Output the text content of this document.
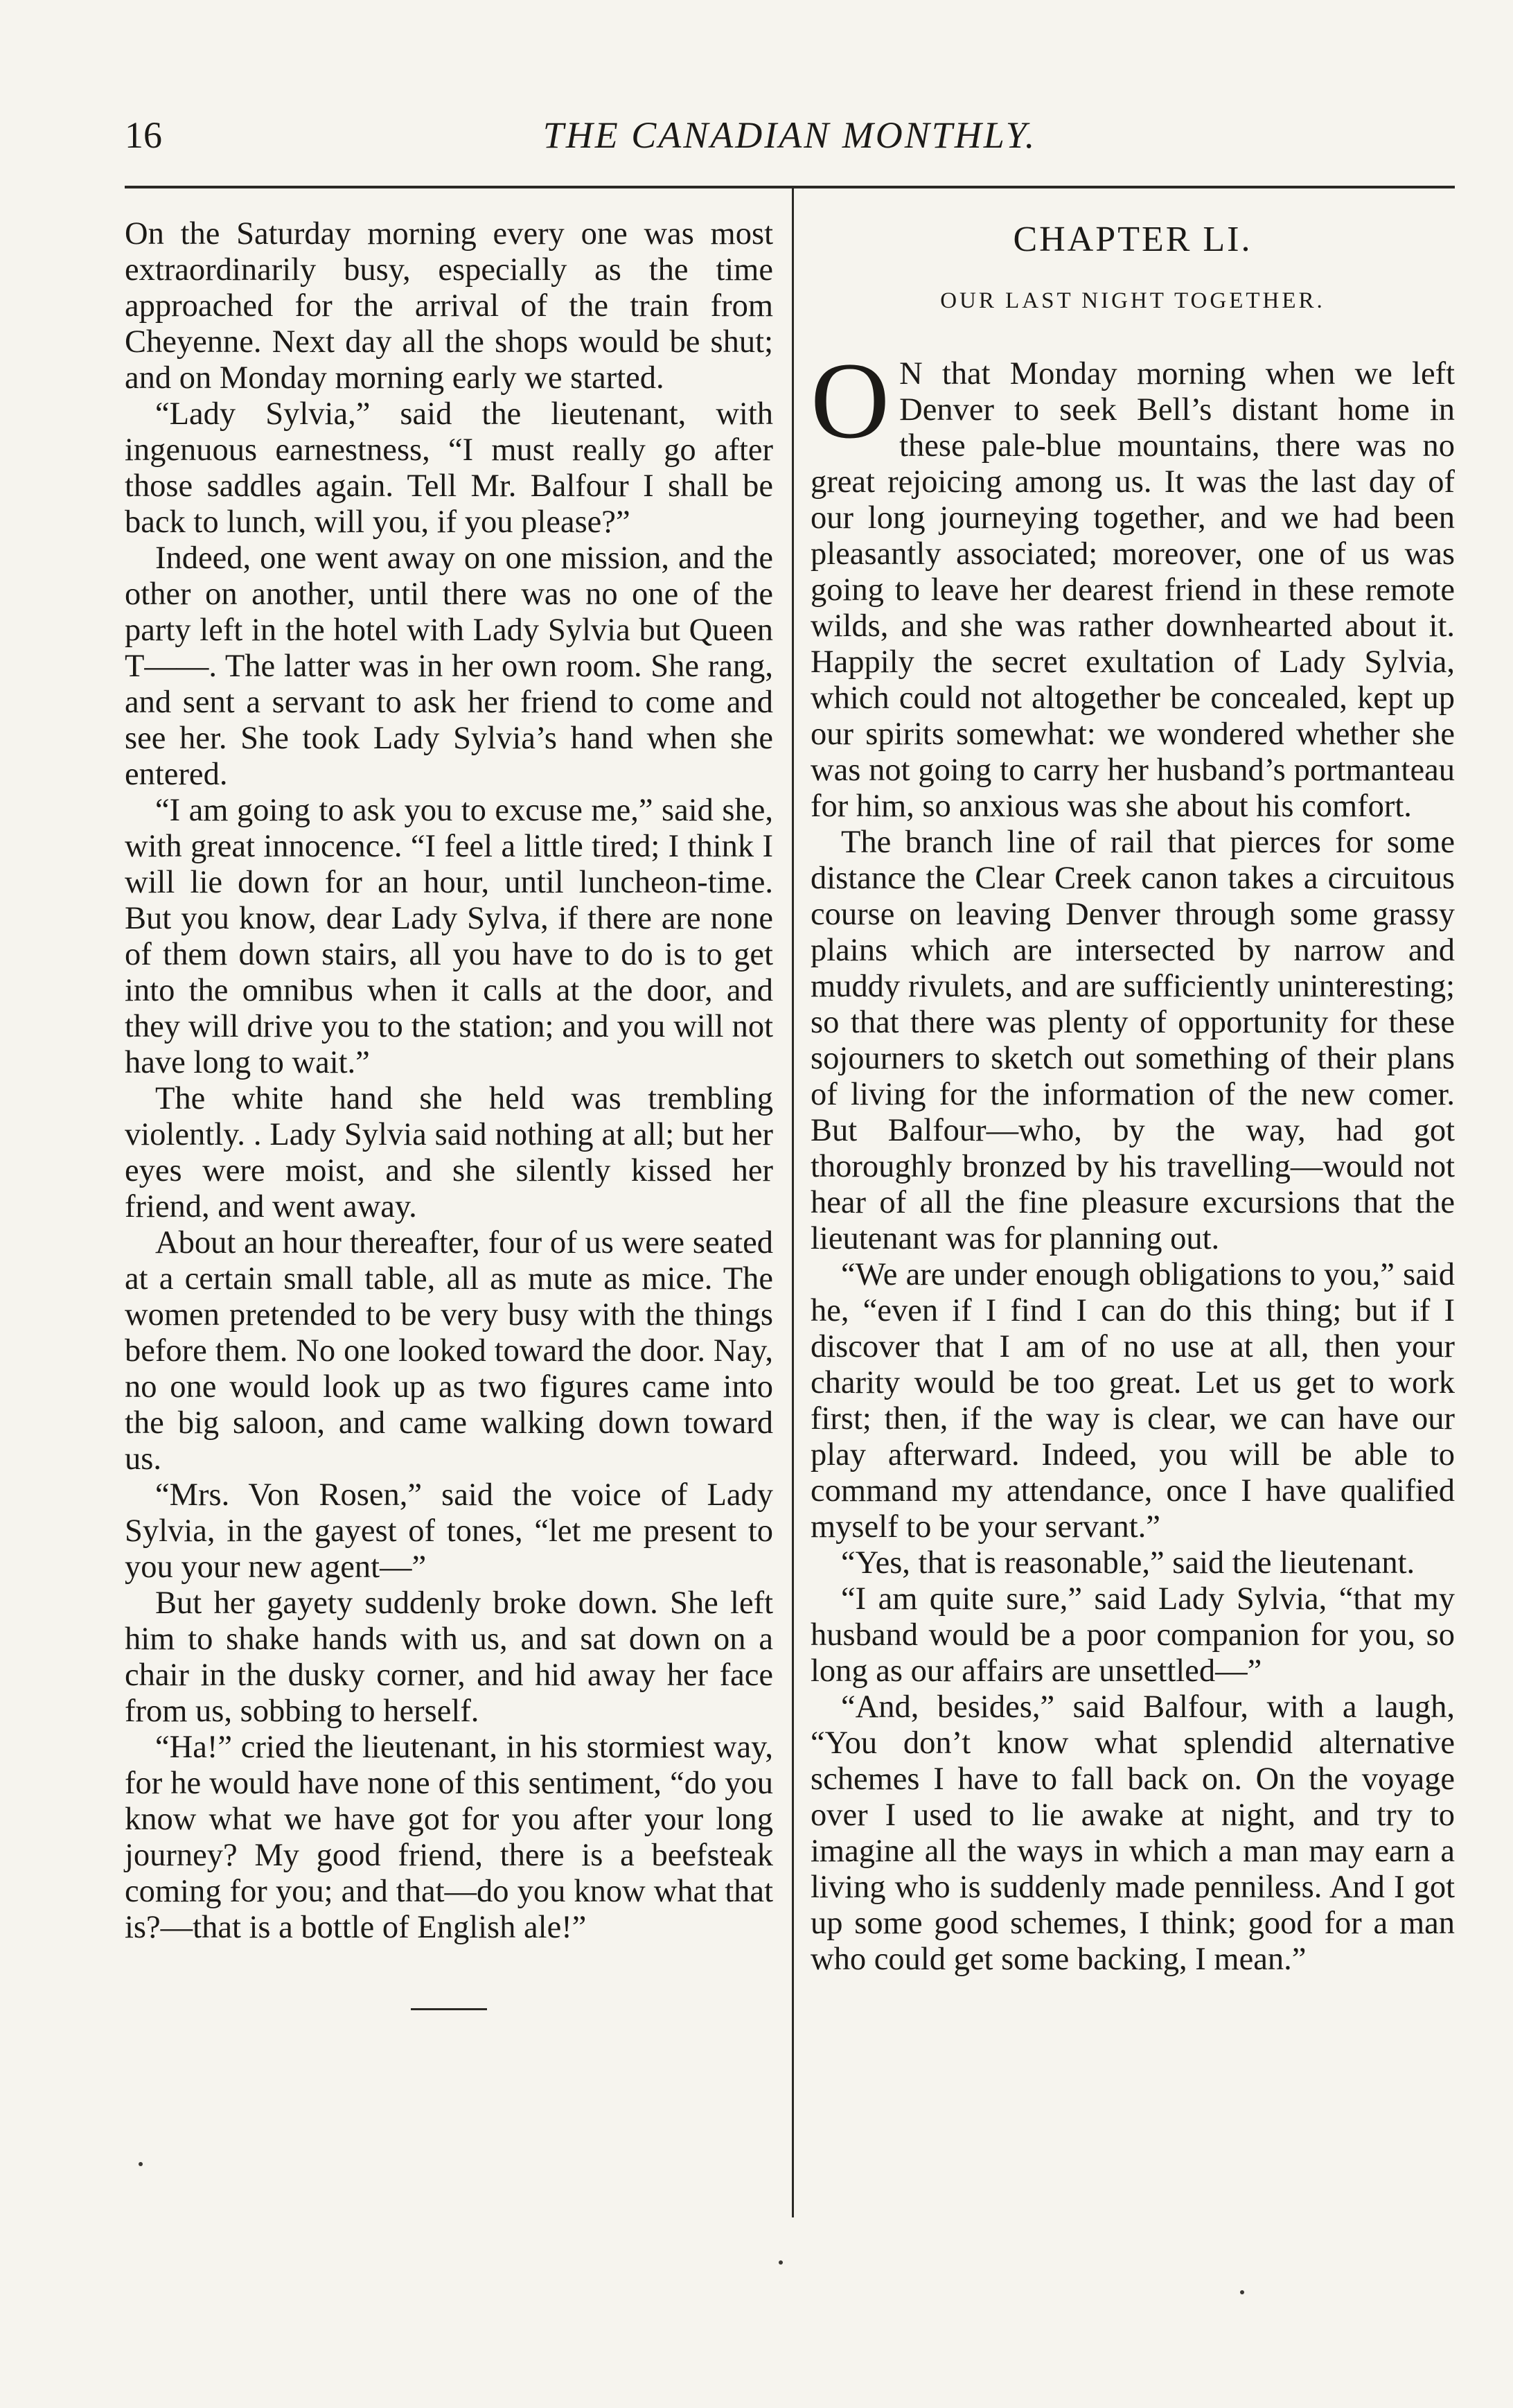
16	THE CANADIAN MONTHLY.

On the Saturday morning every one was most extraordinarily busy, especially as the time approached for the arrival of the train from Cheyenne. Next day all the shops would be shut; and on Monday morning early we started.

“Lady Sylvia,” said the lieutenant, with ingenuous earnestness, “I must really go after those saddles again. Tell Mr. Balfour I shall be back to lunch, will you, if you please?”

Indeed, one went away on one mission, and the other on another, until there was no one of the party left in the hotel with Lady Sylvia but Queen T——. The latter was in her own room. She rang, and sent a servant to ask her friend to come and see her. She took Lady Sylvia’s hand when she entered.

“I am going to ask you to excuse me,” said she, with great innocence. “I feel a little tired; I think I will lie down for an hour, until luncheon-time. But you know, dear Lady Sylva, if there are none of them down stairs, all you have to do is to get into the omnibus when it calls at the door, and they will drive you to the station; and you will not have long to wait.”

The white hand she held was trembling violently. . Lady Sylvia said nothing at all; but her eyes were moist, and she silently kissed her friend, and went away.

About an hour thereafter, four of us were seated at a certain small table, all as mute as mice. The women pretended to be very busy with the things before them. No one looked toward the door. Nay, no one would look up as two figures came into the big saloon, and came walking down toward us.

“Mrs. Von Rosen,” said the voice of Lady Sylvia, in the gayest of tones, “let me present to you your new agent—”

But her gayety suddenly broke down. She left him to shake hands with us, and sat down on a chair in the dusky corner, and hid away her face from us, sobbing to herself.

“Ha!” cried the lieutenant, in his stormiest way, for he would have none of this sentiment, “do you know what we have got for you after your long journey? My good friend, there is a beefsteak coming for you; and that—do you know what that is?—that is a bottle of English ale!”

CHAPTER LI.
OUR LAST NIGHT TOGETHER.

O N that Monday morning when we left Denver to seek Bell’s distant home in these pale-blue mountains, there was no great rejoicing among us. It was the last day of our long journeying together, and we had been pleasantly associated; moreover, one of us was going to leave her dearest friend in these remote wilds, and she was rather downhearted about it. Happily the secret exultation of Lady Sylvia, which could not altogether be concealed, kept up our spirits somewhat: we wondered whether she was not going to carry her husband’s portmanteau for him, so anxious was she about his comfort.

The branch line of rail that pierces for some distance the Clear Creek canon takes a circuitous course on leaving Denver through some grassy plains which are intersected by narrow and muddy rivulets, and are sufficiently uninteresting; so that there was plenty of opportunity for these sojourners to sketch out something of their plans of living for the information of the new comer. But Balfour—who, by the way, had got thoroughly bronzed by his travelling—would not hear of all the fine pleasure excursions that the lieutenant was for planning out.

“We are under enough obligations to you,” said he, “even if I find I can do this thing; but if I discover that I am of no use at all, then your charity would be too great. Let us get to work first; then, if the way is clear, we can have our play afterward. Indeed, you will be able to command my attendance, once I have qualified myself to be your servant.”

“Yes, that is reasonable,” said the lieutenant.

“I am quite sure,” said Lady Sylvia, “that my husband would be a poor companion for you, so long as our affairs are unsettled—”

“And, besides,” said Balfour, with a laugh, “You don’t know what splendid alternative schemes I have to fall back on. On the voyage over I used to lie awake at night, and try to imagine all the ways in which a man may earn a living who is suddenly made penniless. And I got up some good schemes, I think; good for a man who could get some backing, I mean.”
